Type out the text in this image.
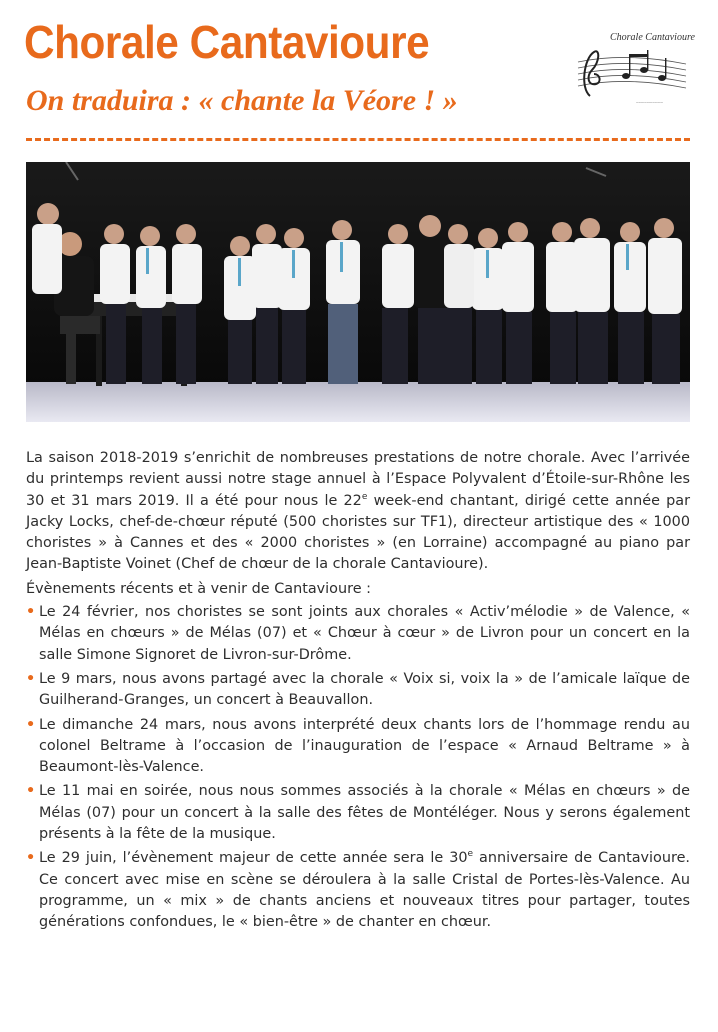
Chorale Cantavioure
On traduira : « chante la Véore ! »
Chorale Cantavioure
~~~~~~~~~~

La saison 2018-2019 s’enrichit de nombreuses prestations de notre chorale. Avec l’arrivée du printemps revient aussi notre stage annuel à l’Espace Polyvalent d’Étoile-sur-Rhône les 30 et 31 mars 2019. Il a été pour nous le 22e week-end chantant, dirigé cette année par Jacky Locks, chef-de-chœur réputé (500 choristes sur TF1), directeur artistique des « 1000 choristes » à Cannes et des « 2000 choristes » (en Lorraine) accompagné au piano par Jean-Baptiste Voinet (Chef de chœur de la chorale Cantavioure).

Évènements récents et à venir de Cantavioure :

• Le 24 février, nos choristes se sont joints aux chorales « Activ’mélodie » de Valence, « Mélas en chœurs » de Mélas (07) et « Chœur à cœur » de Livron pour un concert en la salle Simone Signoret de Livron-sur-Drôme.
• Le 9 mars, nous avons partagé avec la chorale « Voix si, voix la » de l’amicale laïque de Guilherand-Granges, un concert à Beauvallon.
• Le dimanche 24 mars, nous avons interprété deux chants lors de l’hommage rendu au colonel Beltrame à l’occasion de l’inauguration de l’espace « Arnaud Beltrame » à Beaumont-lès-Valence.
• Le 11 mai en soirée, nous nous sommes associés à la chorale « Mélas en chœurs » de Mélas (07) pour un concert à la salle des fêtes de Montéléger. Nous y serons également présents à la fête de la musique.
• Le 29 juin, l’évènement majeur de cette année sera le 30e anniversaire de Cantavioure. Ce concert avec mise en scène se déroulera à la salle Cristal de Portes-lès-Valence. Au programme, un « mix » de chants anciens et nouveaux titres pour partager, toutes générations confondues, le « bien-être » de chanter en chœur.
